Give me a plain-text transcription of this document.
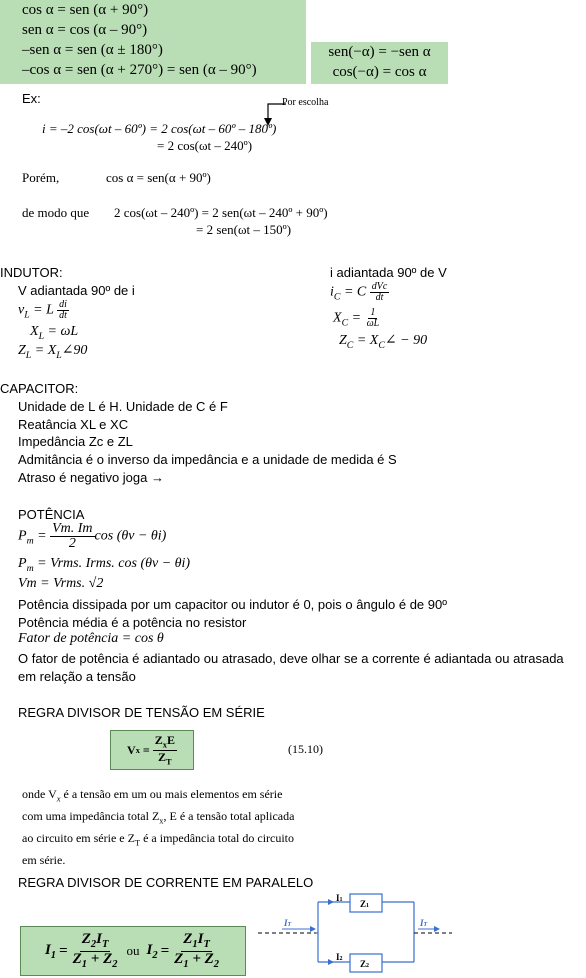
cos α = sen (α + 90°)
sen α = cos (α – 90°)
–sen α = sen (α ± 180°)
–cos α = sen (α + 270°) = sen (α – 90°)
sen(−α) = −sen α
cos(−α) = cos α
Ex:	Por escolha
i = –2 cos(ωt – 60º) = 2 cos(ωt – 60º – 180º)
= 2 cos(ωt – 240º)
Porém,	cos α = sen(α + 90º)
de modo que 2 cos(ωt – 240º) = 2 sen(ωt – 240º + 90º)
= 2 sen(ωt – 150º)
INDUTOR:
V adiantada 90º de i
$v_L = L \frac{di}{dt}$
$X_L = \omega L$
$Z_L$ = $X_L\angle 90$
i adiantada 90º de V
$i_C = C \frac{\text{dVc}}{dt}$
$X_C = \frac{1}{\omega L}$
$Z_C$ = $X_C\angle - 90$
CAPACITOR:
Unidade de L é H. Unidade de C é F
Reatância XL e XC
Impedância Zc e ZL
Admitância é o inverso da impedância e a unidade de medida é S
Atraso é negativo joga →
POTÊNCIA
$P_m = \frac{Vm. Im}{2}$ cos (θv − θi)
$P_m$ = Vrms. Irms. cos (θv − θi)
Vm = Vrms. √2
Potência dissipada por um capacitor ou indutor é 0, pois o ângulo é de 90º
Potência média é a potência no resistor
Fator de potência = cos θ
O fator de potência é adiantado ou atrasado, deve olhar se a corrente é adiantada ou atrasada
em relação a tensão
REGRA DIVISOR DE TENSÃO EM SÉRIE
V $x = \frac{Z_xE}{Z_T}$	(15.10)
onde $V_x$ é a tensão em um ou mais elementos em série
com uma impedância total $Z_x$, E é a tensão total aplicada
ao circuito em série e $Z_T$ é a impedância total do circuito
em série.
REGRA DIVISOR DE CORRENTE EM PARALELO
$I_1 = \frac{Z_2I_T}{Z_1 + Z_2}$ ou $I_2 = \frac{Z_1I_T}{Z_1 + Z_2}$
IT
I1 Z1
I2 Z2
IT
